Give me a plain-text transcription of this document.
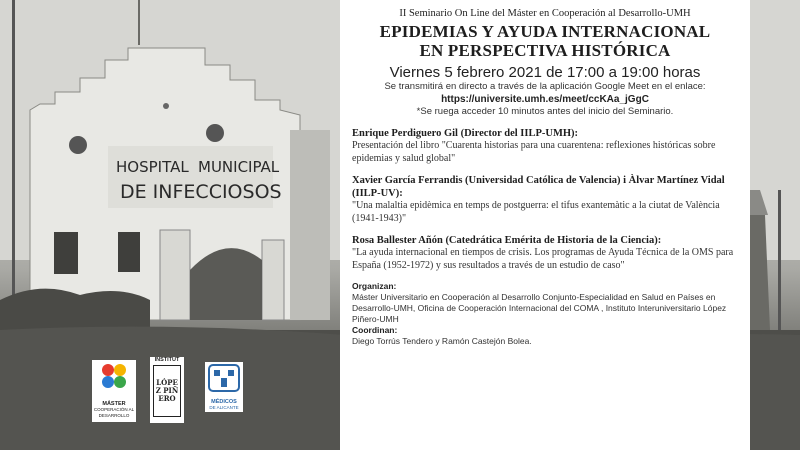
HOSPITAL MUNICIPAL
DE INFECCIOSOS
MÁSTER
COOPERACIÓN AL DESARROLLO
INSTITUT
LÓPEZ PIÑERO	MÉDICOS
DE ALICANTE
II Seminario On Line del Máster en Cooperación al Desarrollo-UMH
EPIDEMIAS Y AYUDA INTERNACIONAL
EN PERSPECTIVA HISTÓRICA
Viernes 5 febrero 2021 de 17:00 a 19:00 horas
Se transmitirá en directo a través de la aplicación Google Meet en el enlace:
https://universite.umh.es/meet/ccKAa_jGgC
*Se ruega acceder 10 minutos antes del inicio del Seminario.
Enrique Perdiguero Gil (Director del IILP-UMH):
Presentación del libro "Cuarenta historias para una cuarentena: reflexiones históricas sobre epidemias y salud global"
Xavier García Ferrandis (Universidad Católica de Valencia) i Àlvar Martínez Vidal (IILP-UV):
"Una malaltia epidèmica en temps de postguerra: el tifus exantemàtic a la ciutat de València (1941-1943)"
Rosa Ballester Añón (Catedrática Emérita de Historia de la Ciencia):
"La ayuda internacional en tiempos de crisis. Los programas de Ayuda Técnica de la OMS para España (1952-1972) y sus resultados a través de un estudio de caso"
Organizan:
Máster Universitario en Cooperación al Desarrollo Conjunto-Especialidad en Salud en Países en Desarrollo-UMH, Oficina de Cooperación Internacional del COMA , Instituto Interuniversitario López Piñero-UMH
Coordinan:
Diego Torrús Tendero y Ramón Castejón Bolea.
